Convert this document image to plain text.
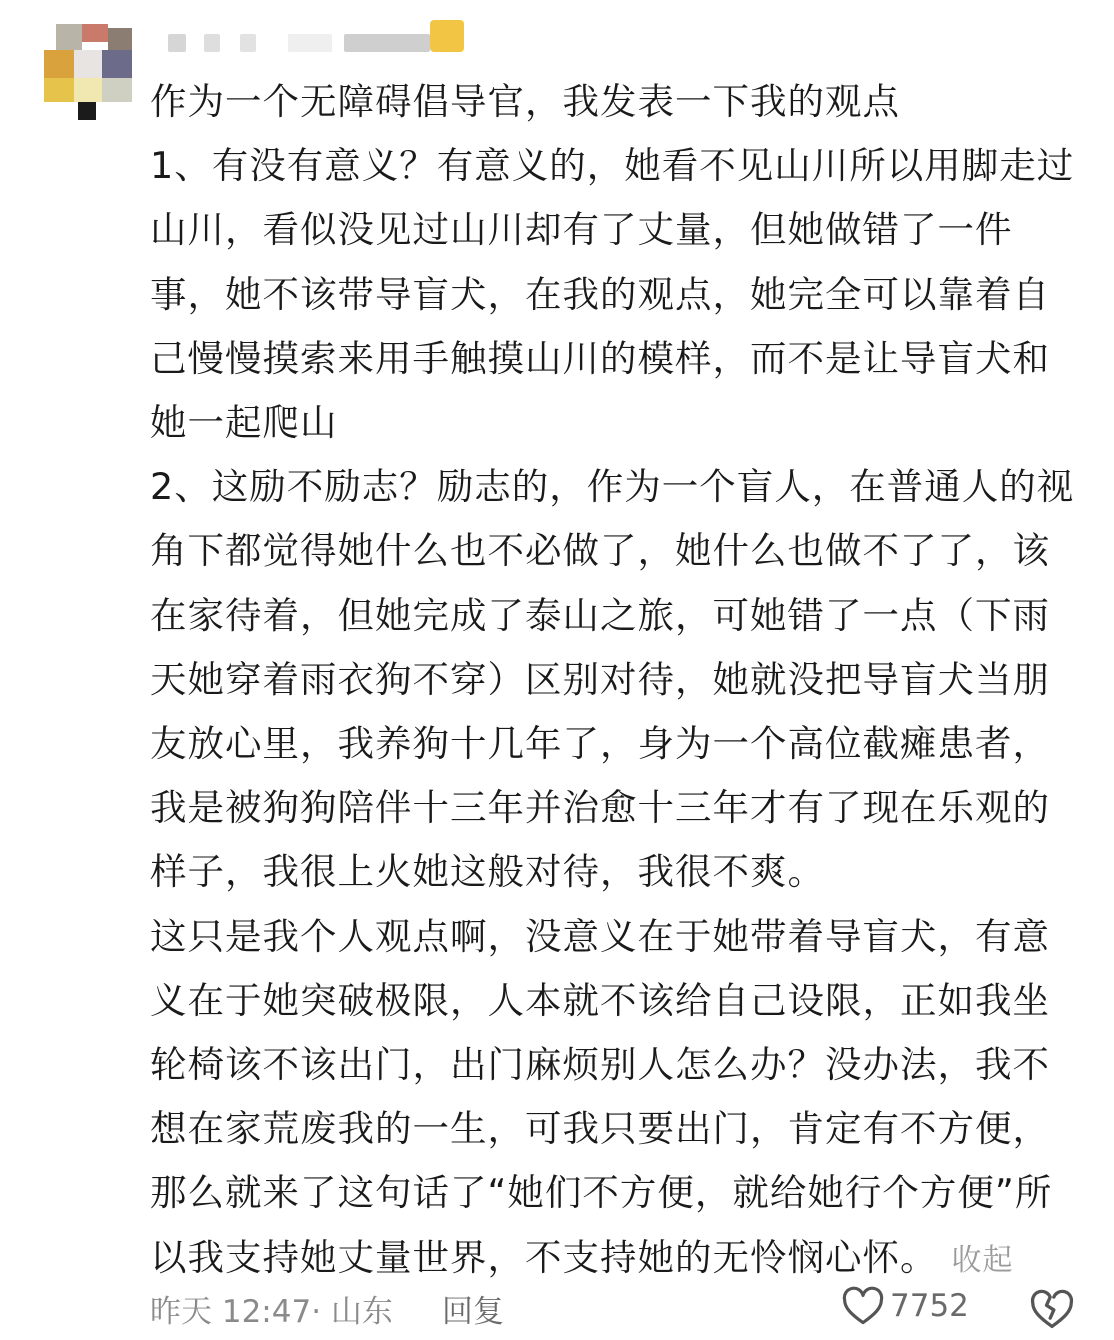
作为一个无障碍倡导官，我发表一下我的观点

1、有没有意义？有意义的，她看不见山川所以用脚走过山川，看似没见过山川却有了丈量，但她做错了一件事，她不该带导盲犬，在我的观点，她完全可以靠着自己慢慢摸索来用手触摸山川的模样，而不是让导盲犬和她一起爬山

2、这励不励志？励志的，作为一个盲人，在普通人的视角下都觉得她什么也不必做了，她什么也做不了了，该在家待着，但她完成了泰山之旅，可她错了一点（下雨天她穿着雨衣狗不穿）区别对待，她就没把导盲犬当朋友放心里，我养狗十几年了，身为一个高位截瘫患者，我是被狗狗陪伴十三年并治愈十三年才有了现在乐观的样子，我很上火她这般对待，我很不爽。

这只是我个人观点啊，没意义在于她带着导盲犬，有意义在于她突破极限，人本就不该给自己设限，正如我坐轮椅该不该出门，出门麻烦别人怎么办？没办法，我不想在家荒废我的一生，可我只要出门，肯定有不方便，那么就来了这句话了“她们不方便，就给她行个方便”所以我支持她丈量世界，不支持她的无怜悯心怀。 收起

昨天 12:47· 山东 回复	7752
